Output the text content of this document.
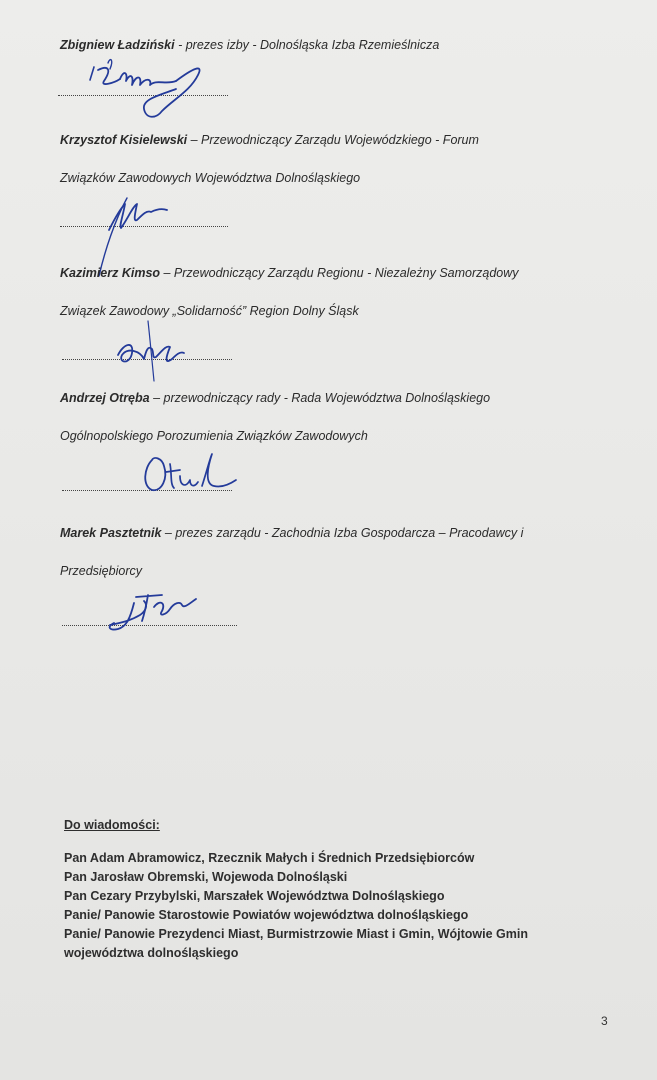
Zbigniew Ładziński - prezes izby - Dolnośląska Izba Rzemieślnicza
Krzysztof Kisielewski – Przewodniczący Zarządu Wojewódzkiego - Forum
Związków Zawodowych Województwa Dolnośląskiego
Kazimierz Kimso – Przewodniczący Zarządu Regionu - Niezależny Samorządowy
Związek Zawodowy „Solidarność” Region Dolny Śląsk
Andrzej Otręba – przewodniczący rady - Rada Województwa Dolnośląskiego
Ogólnopolskiego Porozumienia Związków Zawodowych
Marek Pasztetnik – prezes zarządu - Zachodnia Izba Gospodarcza – Pracodawcy i
Przedsiębiorcy
Do wiadomości:
Pan Adam Abramowicz, Rzecznik Małych i Średnich Przedsiębiorców
Pan Jarosław Obremski, Wojewoda Dolnośląski
Pan Cezary Przybylski, Marszałek Województwa Dolnośląskiego
Panie/ Panowie Starostowie Powiatów województwa dolnośląskiego
Panie/ Panowie Prezydenci Miast, Burmistrzowie Miast i Gmin, Wójtowie Gmin
województwa dolnośląskiego
3
